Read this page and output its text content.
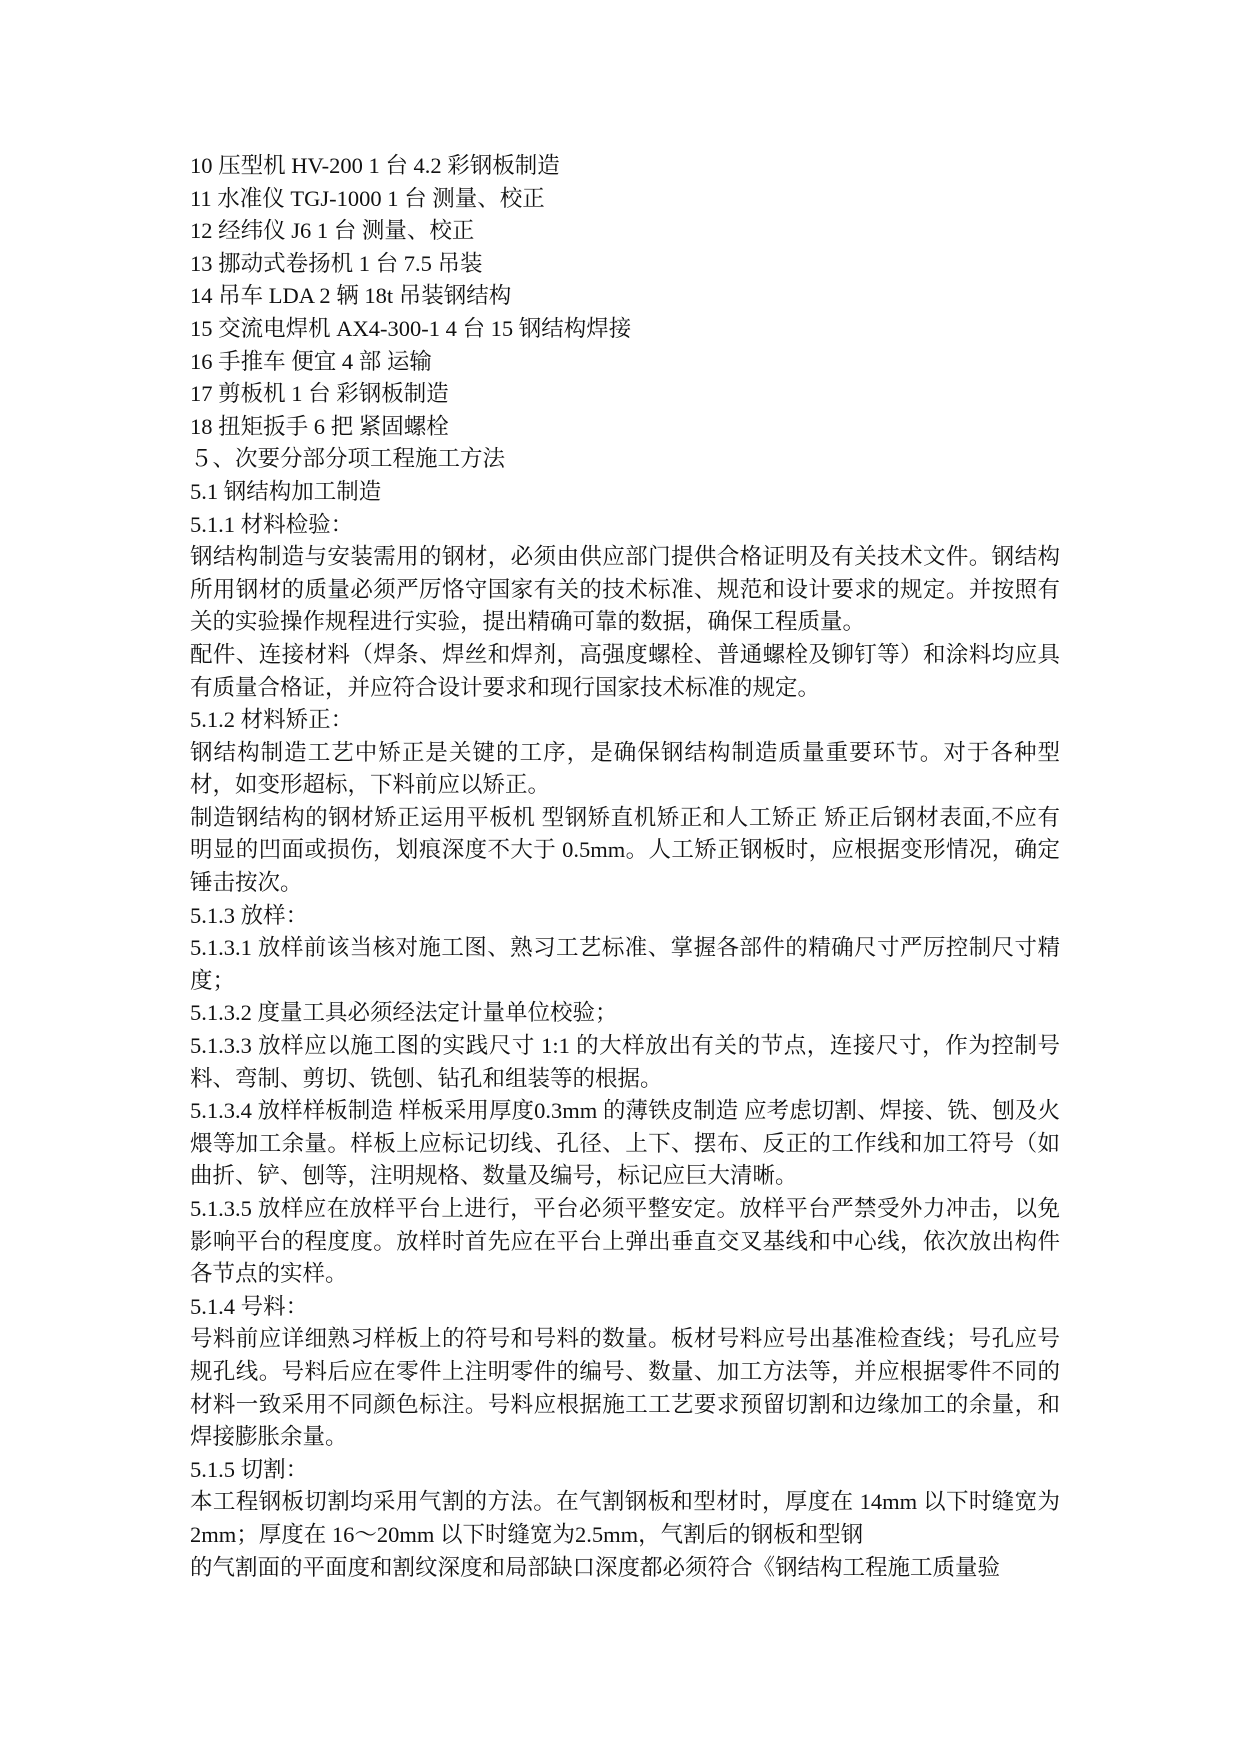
10 压型机 HV-200 1 台 4.2 彩钢板制造
11 水准仪 TGJ-1000 1 台 测量、校正
12 经纬仪 J6 1 台 测量、校正
13 挪动式卷扬机 1 台 7.5 吊装
14 吊车 LDA 2 辆 18t 吊装钢结构
15 交流电焊机 AX4-300-1 4 台 15 钢结构焊接
16 手推车 便宜 4 部 运输
17 剪板机 1 台 彩钢板制造
18 扭矩扳手 6 把 紧固螺栓
５、次要分部分项工程施工方法
5.1 钢结构加工制造
5.1.1 材料检验：

钢结构制造与安装需用的钢材，必须由供应部门提供合格证明及有关技术文件。钢结构所用钢材的质量必须严厉恪守国家有关的技术标准、规范和设计要求的规定。并按照有关的实验操作规程进行实验，提出精确可靠的数据，确保工程质量。

配件、连接材料（焊条、焊丝和焊剂，高强度螺栓、普通螺栓及铆钉等）和涂料均应具有质量合格证，并应符合设计要求和现行国家技术标准的规定。

5.1.2 材料矫正：

钢结构制造工艺中矫正是关键的工序，是确保钢结构制造质量重要环节。对于各种型材，如变形超标，下料前应以矫正。

制造钢结构的钢材矫正运用平板机 型钢矫直机矫正和人工矫正 矫正后钢材表面,不应有明显的凹面或损伤，划痕深度不大于 0.5mm。人工矫正钢板时，应根据变形情况，确定锤击按次。

5.1.3 放样：

5.1.3.1 放样前该当核对施工图、熟习工艺标准、掌握各部件的精确尺寸严厉控制尺寸精度；

5.1.3.2 度量工具必须经法定计量单位校验；

5.1.3.3 放样应以施工图的实践尺寸 1:1 的大样放出有关的节点，连接尺寸，作为控制号料、弯制、剪切、铣刨、钻孔和组装等的根据。

5.1.3.4 放样样板制造 样板采用厚度0.3mm 的薄铁皮制造 应考虑切割、焊接、铣、刨及火煨等加工余量。样板上应标记切线、孔径、上下、摆布、反正的工作线和加工符号（如曲折、铲、刨等，注明规格、数量及编号，标记应巨大清晰。

5.1.3.5 放样应在放样平台上进行，平台必须平整安定。放样平台严禁受外力冲击，以免影响平台的程度度。放样时首先应在平台上弹出垂直交叉基线和中心线，依次放出构件各节点的实样。

5.1.4 号料：

号料前应详细熟习样板上的符号和号料的数量。板材号料应号出基准检查线；号孔应号规孔线。号料后应在零件上注明零件的编号、数量、加工方法等，并应根据零件不同的材料一致采用不同颜色标注。号料应根据施工工艺要求预留切割和边缘加工的余量，和焊接膨胀余量。

5.1.5 切割：

本工程钢板切割均采用气割的方法。在气割钢板和型材时，厚度在 14mm 以下时缝宽为 2mm；厚度在 16～20mm 以下时缝宽为2.5mm，气割后的钢板和型钢

的气割面的平面度和割纹深度和局部缺口深度都必须符合《钢结构工程施工质量验
